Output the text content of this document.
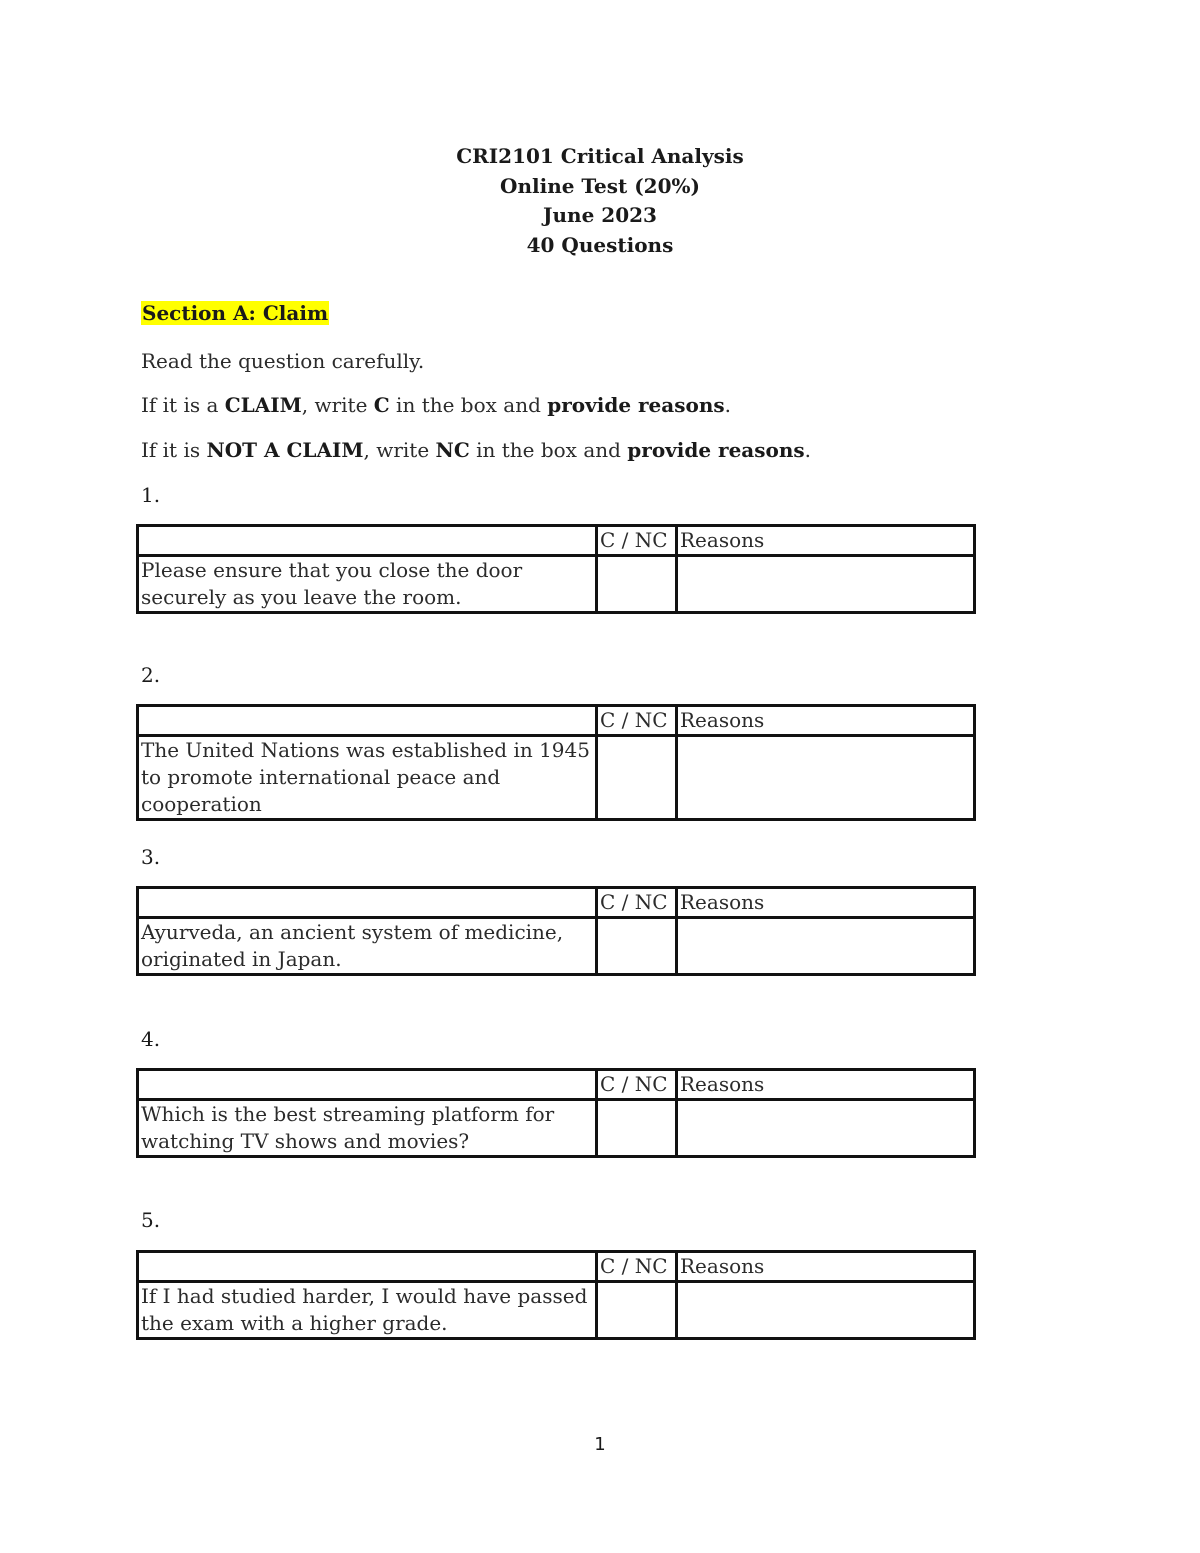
CRI2101 Critical Analysis
Online Test (20%)
June 2023
40 Questions
Section A: Claim
Read the question carefully.
If it is a CLAIM, write C in the box and provide reasons.
If it is NOT A CLAIM, write NC in the box and provide reasons.
1.
	C / NC	Reasons
Please ensure that you close the door securely as you leave the room.		
2.
	C / NC	Reasons
The United Nations was established in 1945 to promote international peace and cooperation		
3.
	C / NC	Reasons
Ayurveda, an ancient system of medicine, originated in Japan.		
4.
	C / NC	Reasons
Which is the best streaming platform for watching TV shows and movies?		
5.
	C / NC	Reasons
If I had studied harder, I would have passed the exam with a higher grade.		
1
